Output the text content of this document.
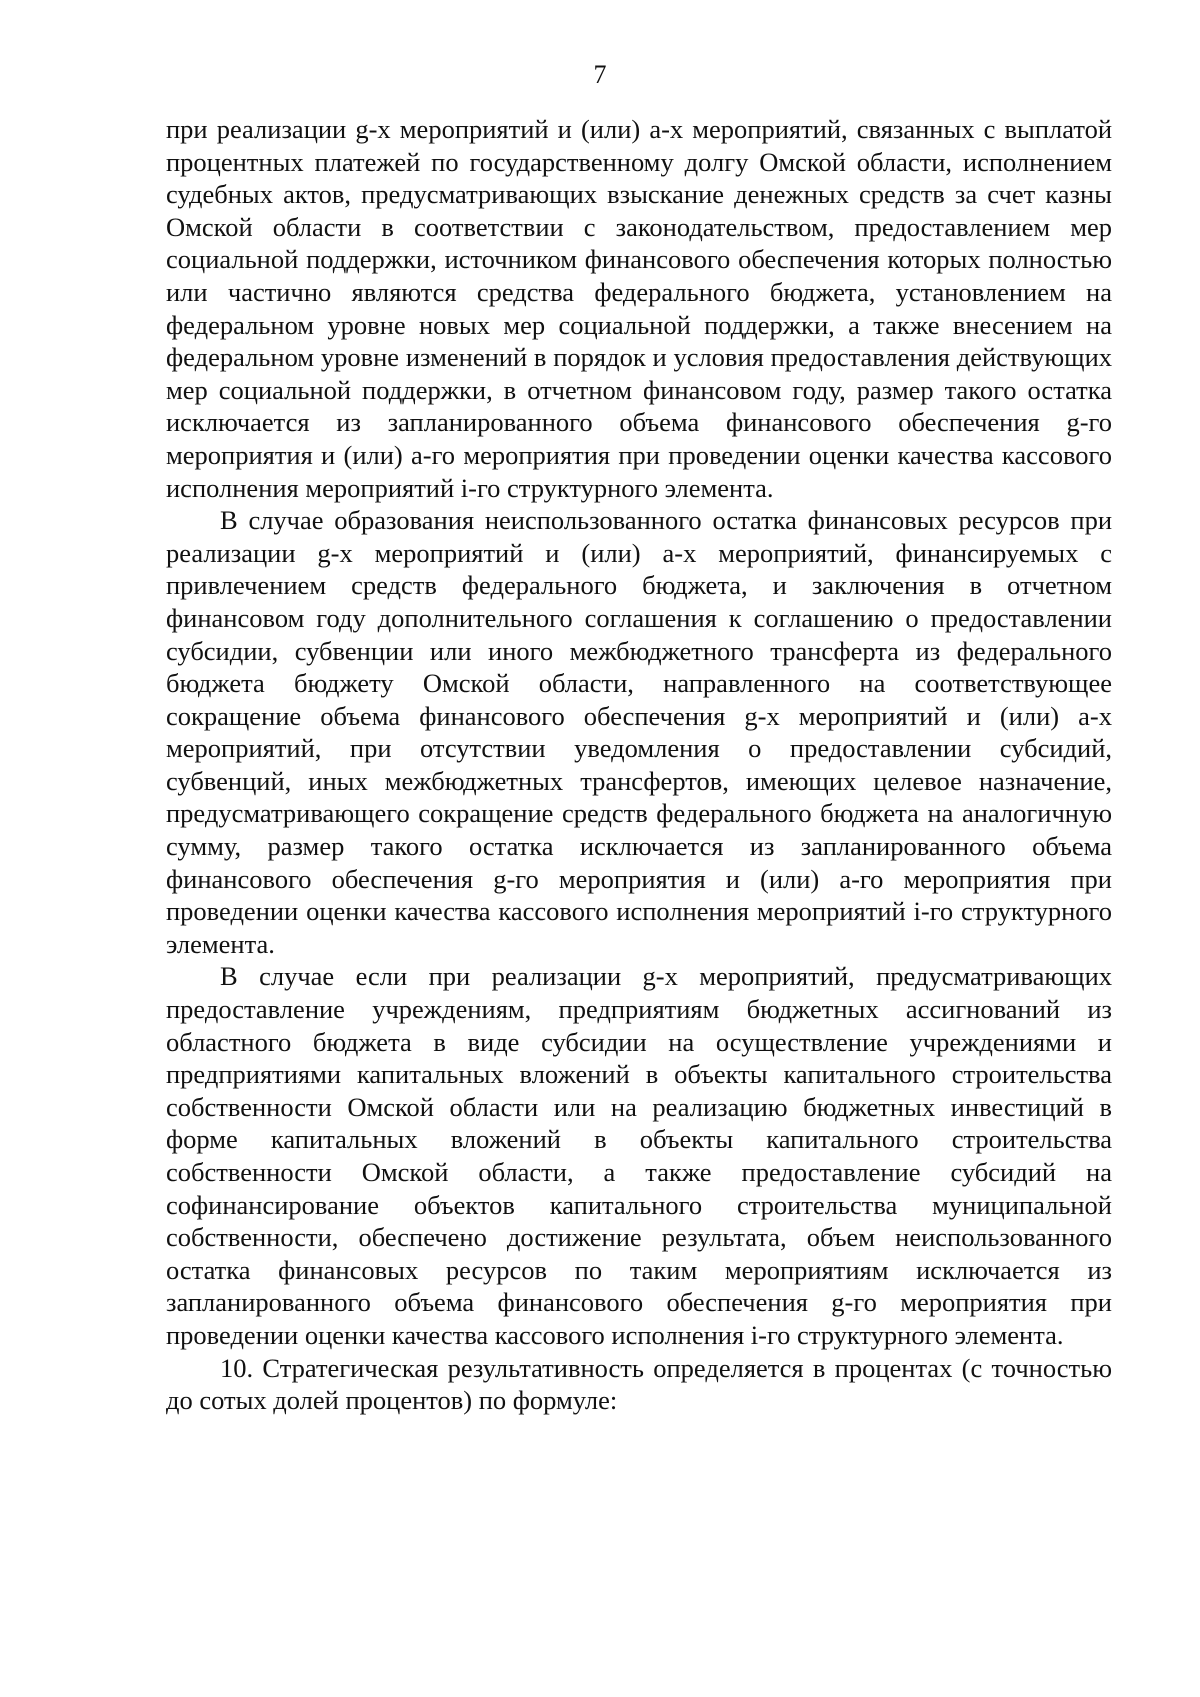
7

при реализации g-х мероприятий и (или) а-х мероприятий, связанных с выплатой процентных платежей по государственному долгу Омской области, исполнением судебных актов, предусматривающих взыскание денежных средств за счет казны Омской области в соответствии с законодательством, предоставлением мер социальной поддержки, источником финансового обеспечения которых полностью или частично являются средства федерального бюджета, установлением на федеральном уровне новых мер социальной поддержки, а также внесением на федеральном уровне изменений в порядок и условия предоставления действующих мер социальной поддержки, в отчетном финансовом году, размер такого остатка исключается из запланированного объема финансового обеспечения g-го мероприятия и (или) а-го мероприятия при проведении оценки качества кассового исполнения мероприятий i-го структурного элемента.

В случае образования неиспользованного остатка финансовых ресурсов при реализации g-х мероприятий и (или) а-х мероприятий, финансируемых с привлечением средств федерального бюджета, и заключения в отчетном финансовом году дополнительного соглашения к соглашению о предоставлении субсидии, субвенции или иного межбюджетного трансферта из федерального бюджета бюджету Омской области, направленного на соответствующее сокращение объема финансового обеспечения g-х мероприятий и (или) а-х мероприятий, при отсутствии уведомления о предоставлении субсидий, субвенций, иных межбюджетных трансфертов, имеющих целевое назначение, предусматривающего сокращение средств федерального бюджета на аналогичную сумму, размер такого остатка исключается из запланированного объема финансового обеспечения g-го мероприятия и (или) а-го мероприятия при проведении оценки качества кассового исполнения мероприятий i-го структурного элемента.

В случае если при реализации g-х мероприятий, предусматривающих предоставление учреждениям, предприятиям бюджетных ассигнований из областного бюджета в виде субсидии на осуществление учреждениями и предприятиями капитальных вложений в объекты капитального строительства собственности Омской области или на реализацию бюджетных инвестиций в форме капитальных вложений в объекты капитального строительства собственности Омской области, а также предоставление субсидий на софинансирование объектов капитального строительства муниципальной собственности, обеспечено достижение результата, объем неиспользованного остатка финансовых ресурсов по таким мероприятиям исключается из запланированного объема финансового обеспечения g-го мероприятия при проведении оценки качества кассового исполнения i-го структурного элемента.

10. Стратегическая результативность определяется в процентах (с точностью до сотых долей процентов) по формуле:
